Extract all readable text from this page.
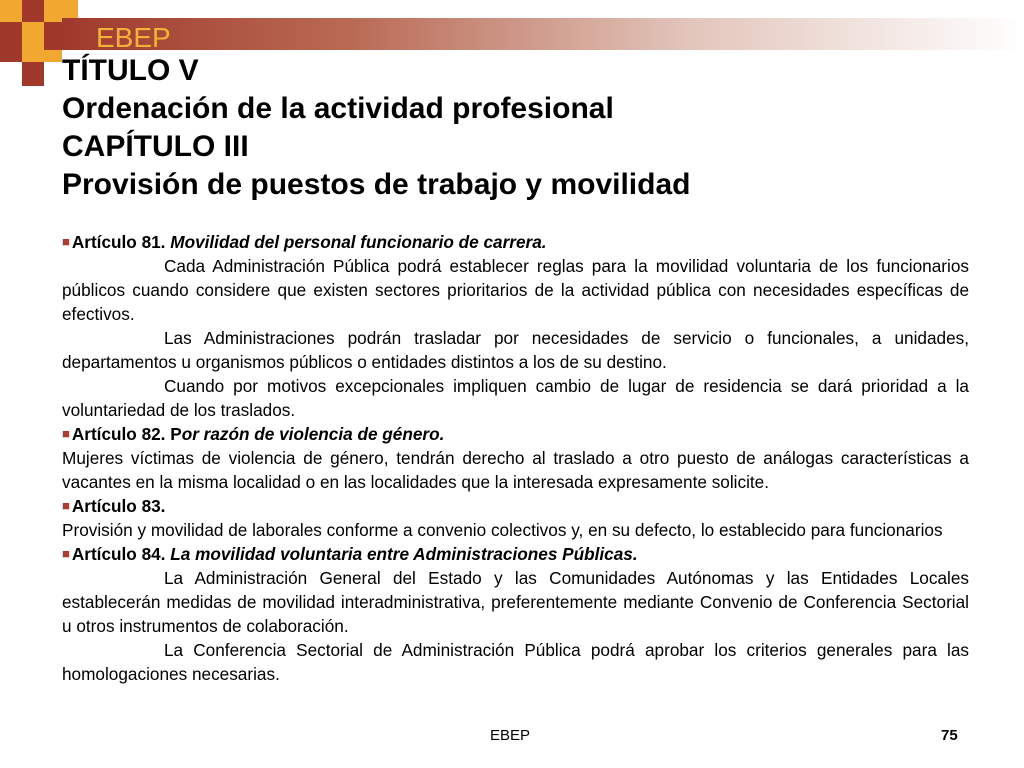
EBEP
TÍTULO V
Ordenación de la actividad profesional
CAPÍTULO III
Provisión de puestos de trabajo y movilidad

■ Artículo 81. Movilidad del personal funcionario de carrera.

Cada Administración Pública podrá establecer reglas para la movilidad voluntaria de los funcionarios públicos cuando considere que existen sectores prioritarios de la actividad pública con necesidades específicas de efectivos.

Las Administraciones podrán trasladar por necesidades de servicio o funcionales, a unidades, departamentos u organismos públicos o entidades distintos a los de su destino.

Cuando por motivos excepcionales impliquen cambio de lugar de residencia se dará prioridad a la voluntariedad de los traslados.

■ Artículo 82. Por razón de violencia de género.

Mujeres víctimas de violencia de género, tendrán derecho al traslado a otro puesto de análogas características a vacantes en la misma localidad o en las localidades que la interesada expresamente solicite.

■ Artículo 83.

Provisión y movilidad de laborales conforme a convenio colectivos y, en su defecto, lo establecido para funcionarios

■ Artículo 84. La movilidad voluntaria entre Administraciones Públicas.

La Administración General del Estado y las Comunidades Autónomas y las Entidades Locales establecerán medidas de movilidad interadministrativa, preferentemente mediante Convenio de Conferencia Sectorial u otros instrumentos de colaboración.

La Conferencia Sectorial de Administración Pública podrá aprobar los criterios generales para las homologaciones necesarias.

EBEP	75
